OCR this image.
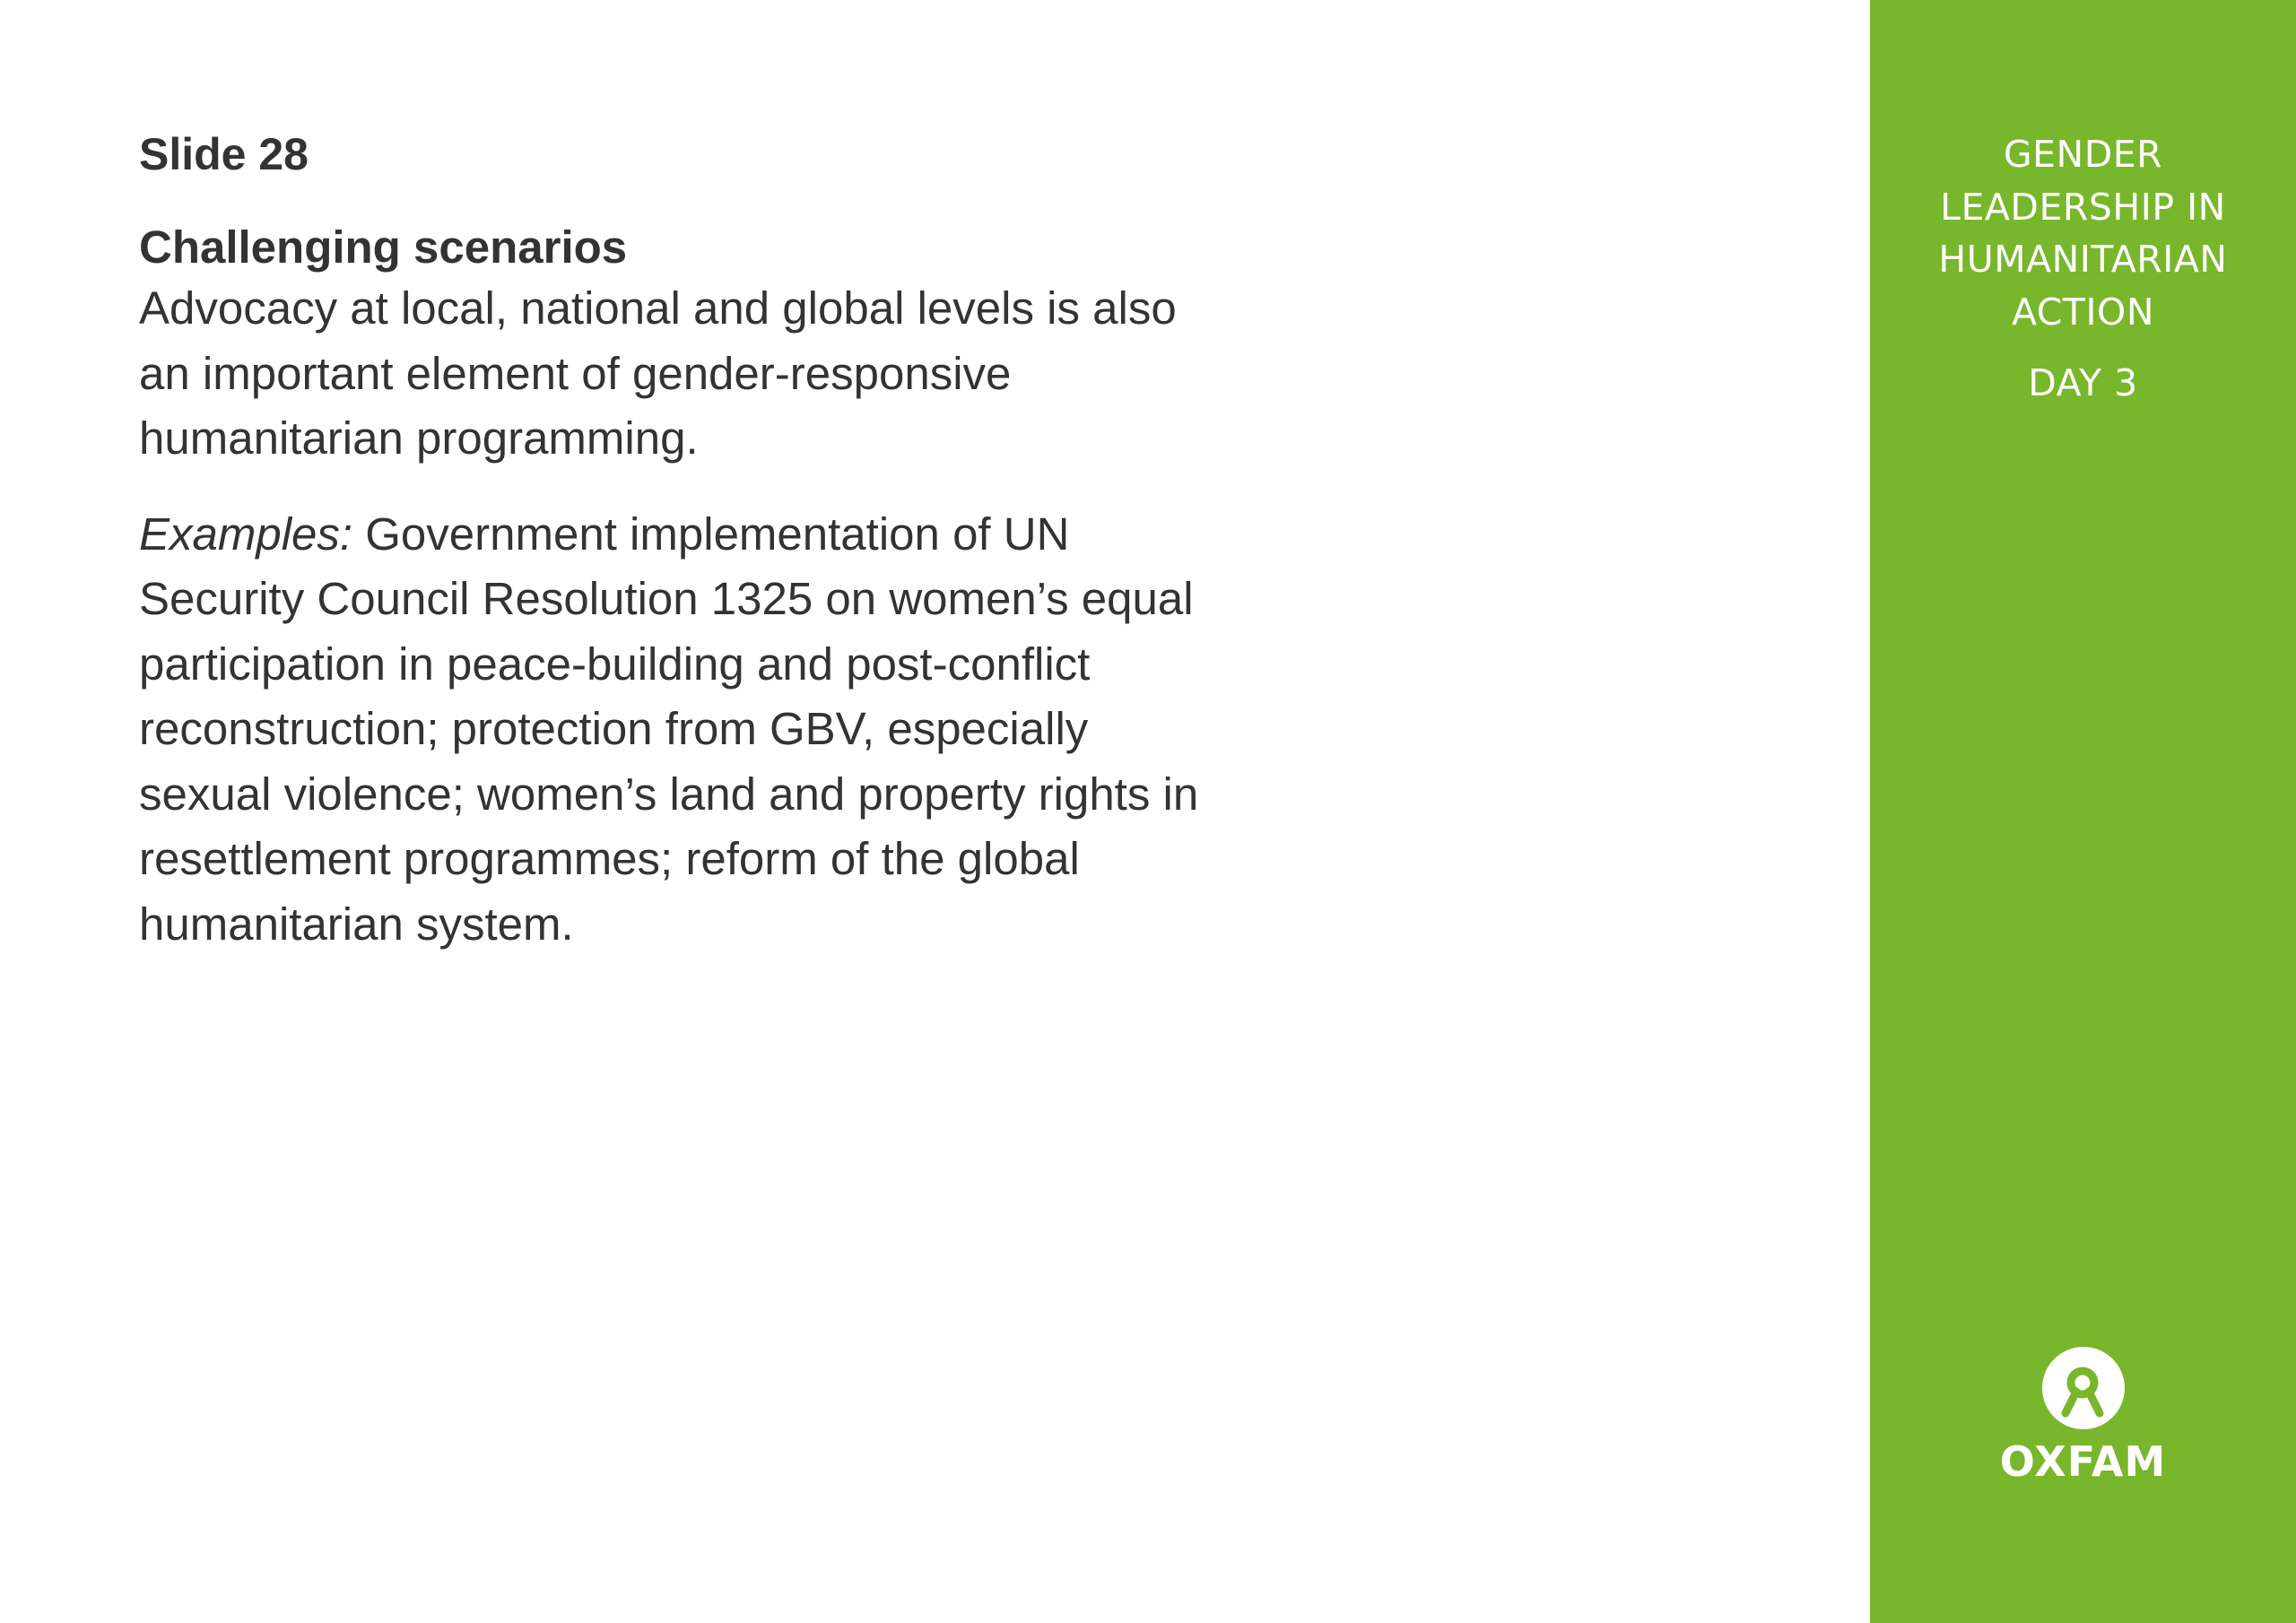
Slide 28

Challenging scenarios

Advocacy at local, national and global levels is also
an important element of gender-responsive
humanitarian programming.

Examples: Government implementation of UN
Security Council Resolution 1325 on women’s equal
participation in peace-building and post-conflict
reconstruction; protection from GBV, especially
sexual violence; women’s land and property rights in
resettlement programmes; reform of the global
humanitarian system.

GENDER
LEADERSHIP IN
HUMANITARIAN
ACTION
DAY 3
OXFAM
